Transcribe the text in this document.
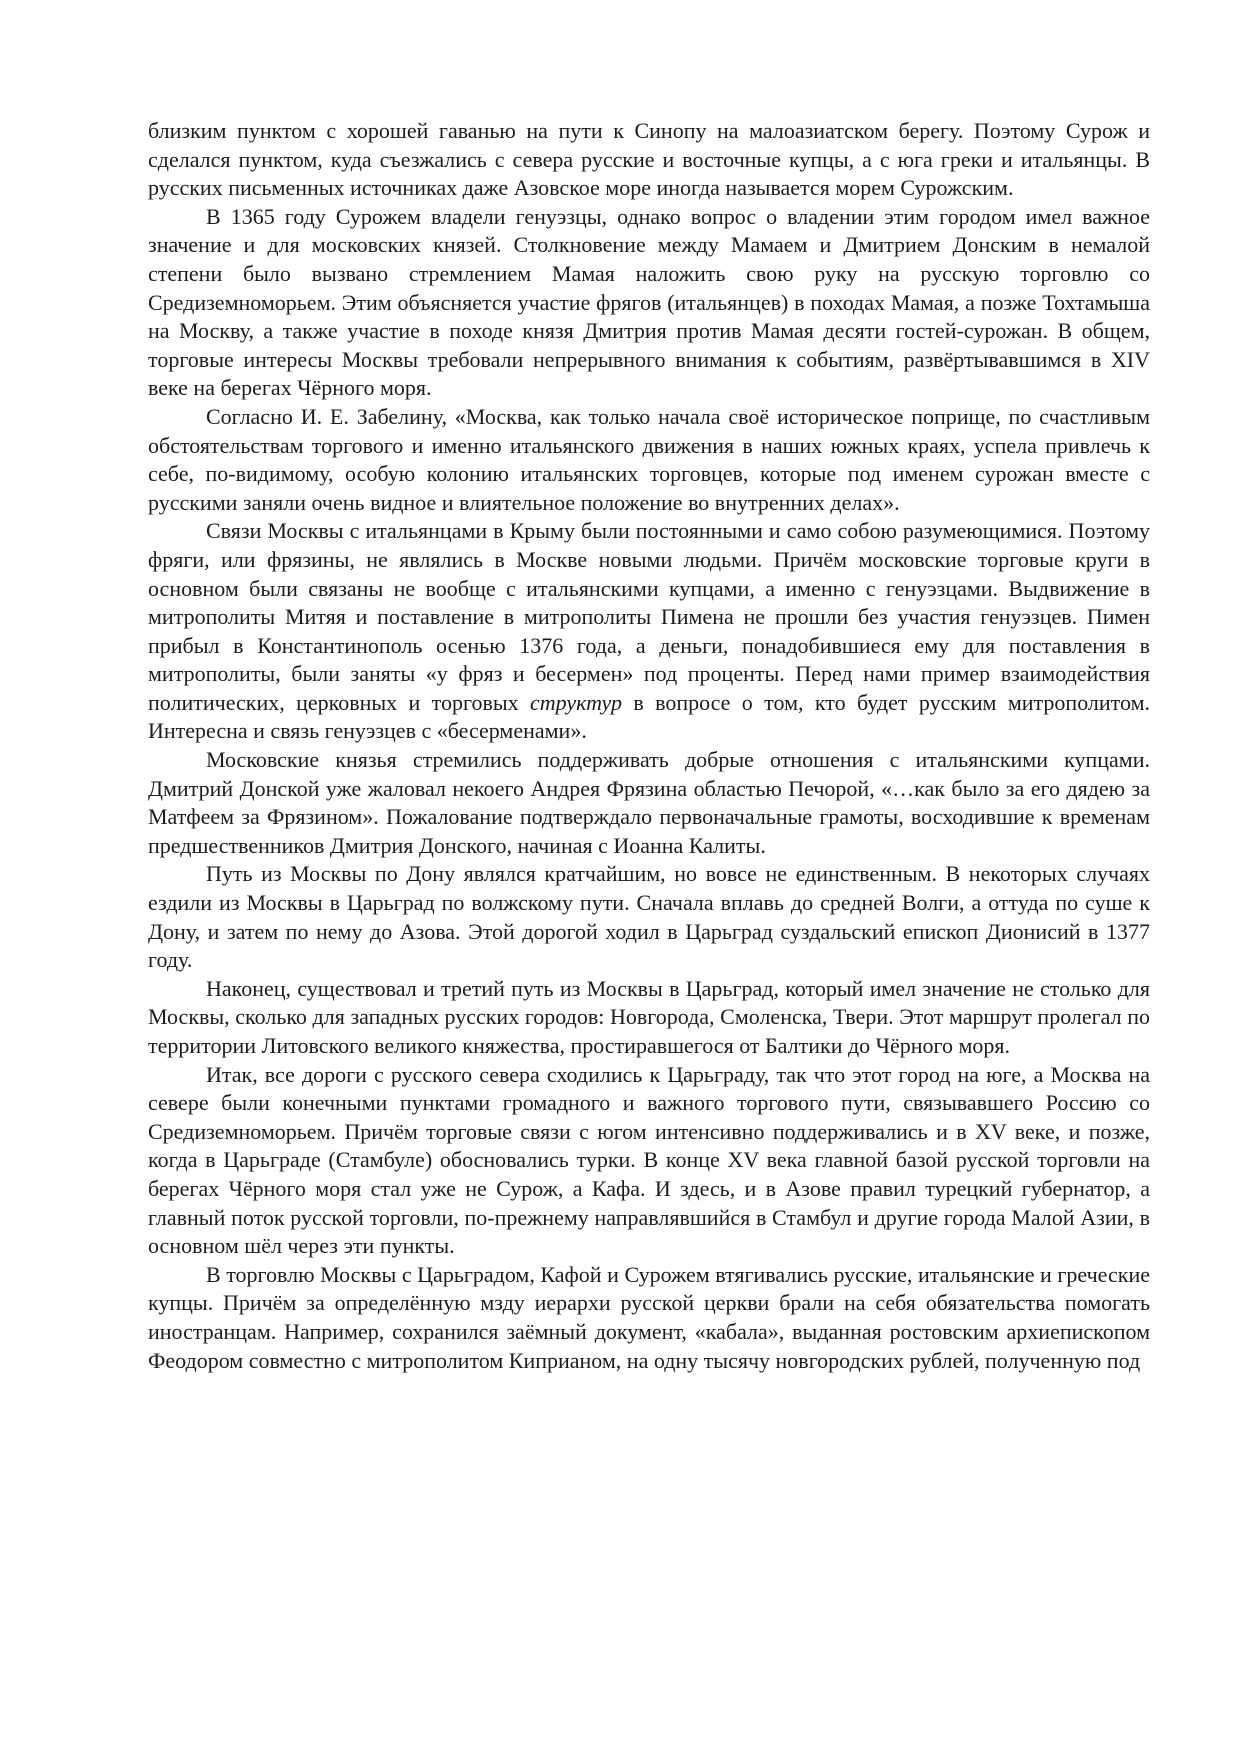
близким пунктом с хорошей гаванью на пути к Синопу на малоазиатском берегу. Поэтому Сурож и сделался пунктом, куда съезжались с севера русские и восточные купцы, а с юга греки и итальянцы. В русских письменных источниках даже Азовское море иногда называется морем Сурожским.

В 1365 году Сурожем владели генуэзцы, однако вопрос о владении этим городом имел важное значение и для московских князей. Столкновение между Мамаем и Дмитрием Донским в немалой степени было вызвано стремлением Мамая наложить свою руку на русскую торговлю со Средиземноморьем. Этим объясняется участие фрягов (итальянцев) в походах Мамая, а позже Тохтамыша на Москву, а также участие в походе князя Дмитрия против Мамая десяти гостей-сурожан. В общем, торговые интересы Москвы требовали непрерывного внимания к событиям, развёртывавшимся в XIV веке на берегах Чёрного моря.

Согласно И. Е. Забелину, «Москва, как только начала своё историческое поприще, по счастливым обстоятельствам торгового и именно итальянского движения в наших южных краях, успела привлечь к себе, по-видимому, особую колонию итальянских торговцев, которые под именем сурожан вместе с русскими заняли очень видное и влиятельное положение во внутренних делах».

Связи Москвы с итальянцами в Крыму были постоянными и само собою разумеющимися. Поэтому фряги, или фрязины, не являлись в Москве новыми людьми. Причём московские торговые круги в основном были связаны не вообще с итальянскими купцами, а именно с генуэзцами. Выдвижение в митрополиты Митяя и поставление в митрополиты Пимена не прошли без участия генуэзцев. Пимен прибыл в Константинополь осенью 1376 года, а деньги, понадобившиеся ему для поставления в митрополиты, были заняты «у фряз и бесермен» под проценты. Перед нами пример взаимодействия политических, церковных и торговых структур в вопросе о том, кто будет русским митрополитом. Интересна и связь генуэзцев с «бесерменами».

Московские князья стремились поддерживать добрые отношения с итальянскими купцами. Дмитрий Донской уже жаловал некоего Андрея Фрязина областью Печорой, «…как было за его дядею за Матфеем за Фрязином». Пожалование подтверждало первоначальные грамоты, восходившие к временам предшественников Дмитрия Донского, начиная с Иоанна Калиты.

Путь из Москвы по Дону являлся кратчайшим, но вовсе не единственным. В некоторых случаях ездили из Москвы в Царьград по волжскому пути. Сначала вплавь до средней Волги, а оттуда по суше к Дону, и затем по нему до Азова. Этой дорогой ходил в Царьград суздальский епископ Дионисий в 1377 году.

Наконец, существовал и третий путь из Москвы в Царьград, который имел значение не столько для Москвы, сколько для западных русских городов: Новгорода, Смоленска, Твери. Этот маршрут пролегал по территории Литовского великого княжества, простиравшегося от Балтики до Чёрного моря.

Итак, все дороги с русского севера сходились к Царьграду, так что этот город на юге, а Москва на севере были конечными пунктами громадного и важного торгового пути, связывавшего Россию со Средиземноморьем. Причём торговые связи с югом интенсивно поддерживались и в XV веке, и позже, когда в Царьграде (Стамбуле) обосновались турки. В конце XV века главной базой русской торговли на берегах Чёрного моря стал уже не Сурож, а Кафа. И здесь, и в Азове правил турецкий губернатор, а главный поток русской торговли, по-прежнему направлявшийся в Стамбул и другие города Малой Азии, в основном шёл через эти пункты.

В торговлю Москвы с Царьградом, Кафой и Сурожем втягивались русские, итальянские и греческие купцы. Причём за определённую мзду иерархи русской церкви брали на себя обязательства помогать иностранцам. Например, сохранился заёмный документ, «кабала», выданная ростовским архиепископом Феодором совместно с митрополитом Киприаном, на одну тысячу новгородских рублей, полученную под
